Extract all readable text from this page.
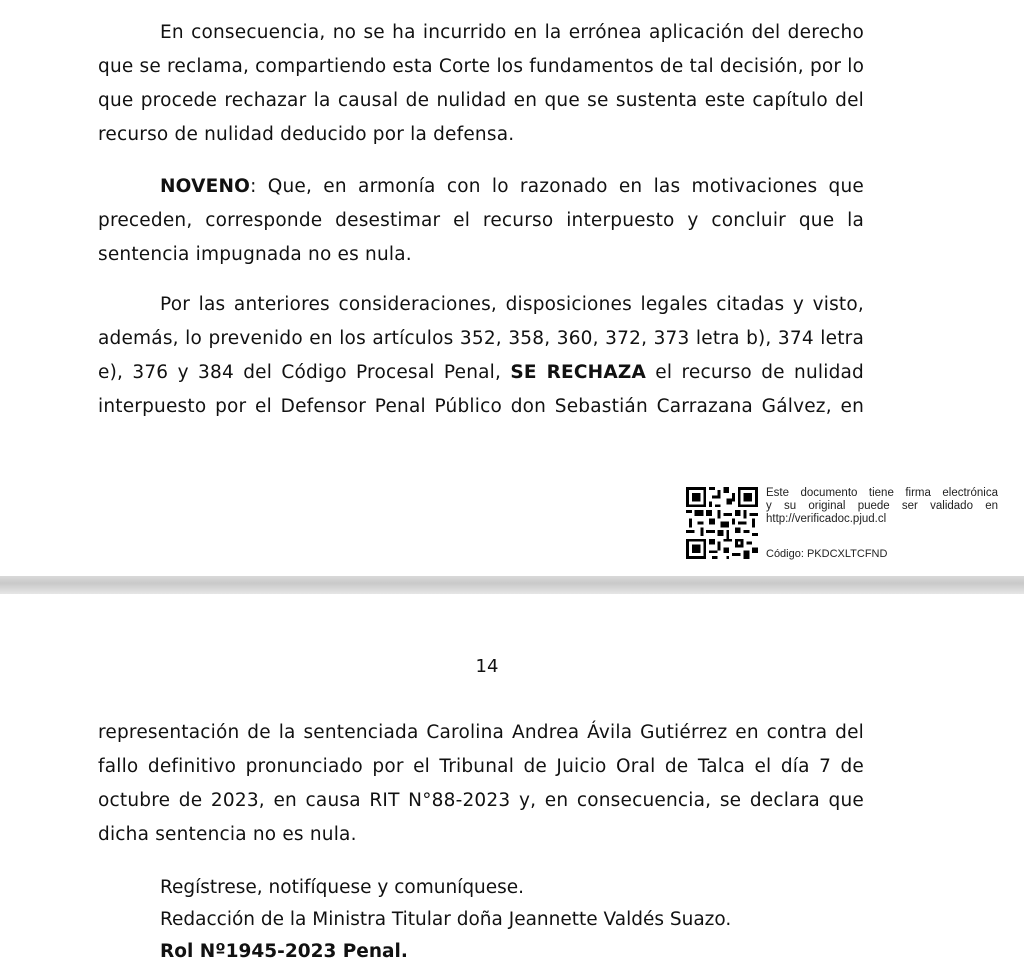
En consecuencia, no se ha incurrido en la errónea aplicación del derecho
que se reclama, compartiendo esta Corte los fundamentos de tal decisión, por lo
que procede rechazar la causal de nulidad en que se sustenta este capítulo del
recurso de nulidad deducido por la defensa.
NOVENO: Que, en armonía con lo razonado en las motivaciones que
preceden, corresponde desestimar el recurso interpuesto y concluir que la
sentencia impugnada no es nula.
Por las anteriores consideraciones, disposiciones legales citadas y visto,
además, lo prevenido en los artículos 352, 358, 360, 372, 373 letra b), 374 letra
e), 376 y 384 del Código Procesal Penal, SE RECHAZA el recurso de nulidad
interpuesto por el Defensor Penal Público don Sebastián Carrazana Gálvez, en
Este documento tiene firma electrónica
y su original puede ser validado en
http://verificadoc.pjud.cl
Código: PKDCXLTCFND
14
representación de la sentenciada Carolina Andrea Ávila Gutiérrez en contra del
fallo definitivo pronunciado por el Tribunal de Juicio Oral de Talca el día 7 de
octubre de 2023, en causa RIT N°88-2023 y, en consecuencia, se declara que
dicha sentencia no es nula.
Regístrese, notifíquese y comuníquese.
Redacción de la Ministra Titular doña Jeannette Valdés Suazo.
Rol Nº1945-2023 Penal.
